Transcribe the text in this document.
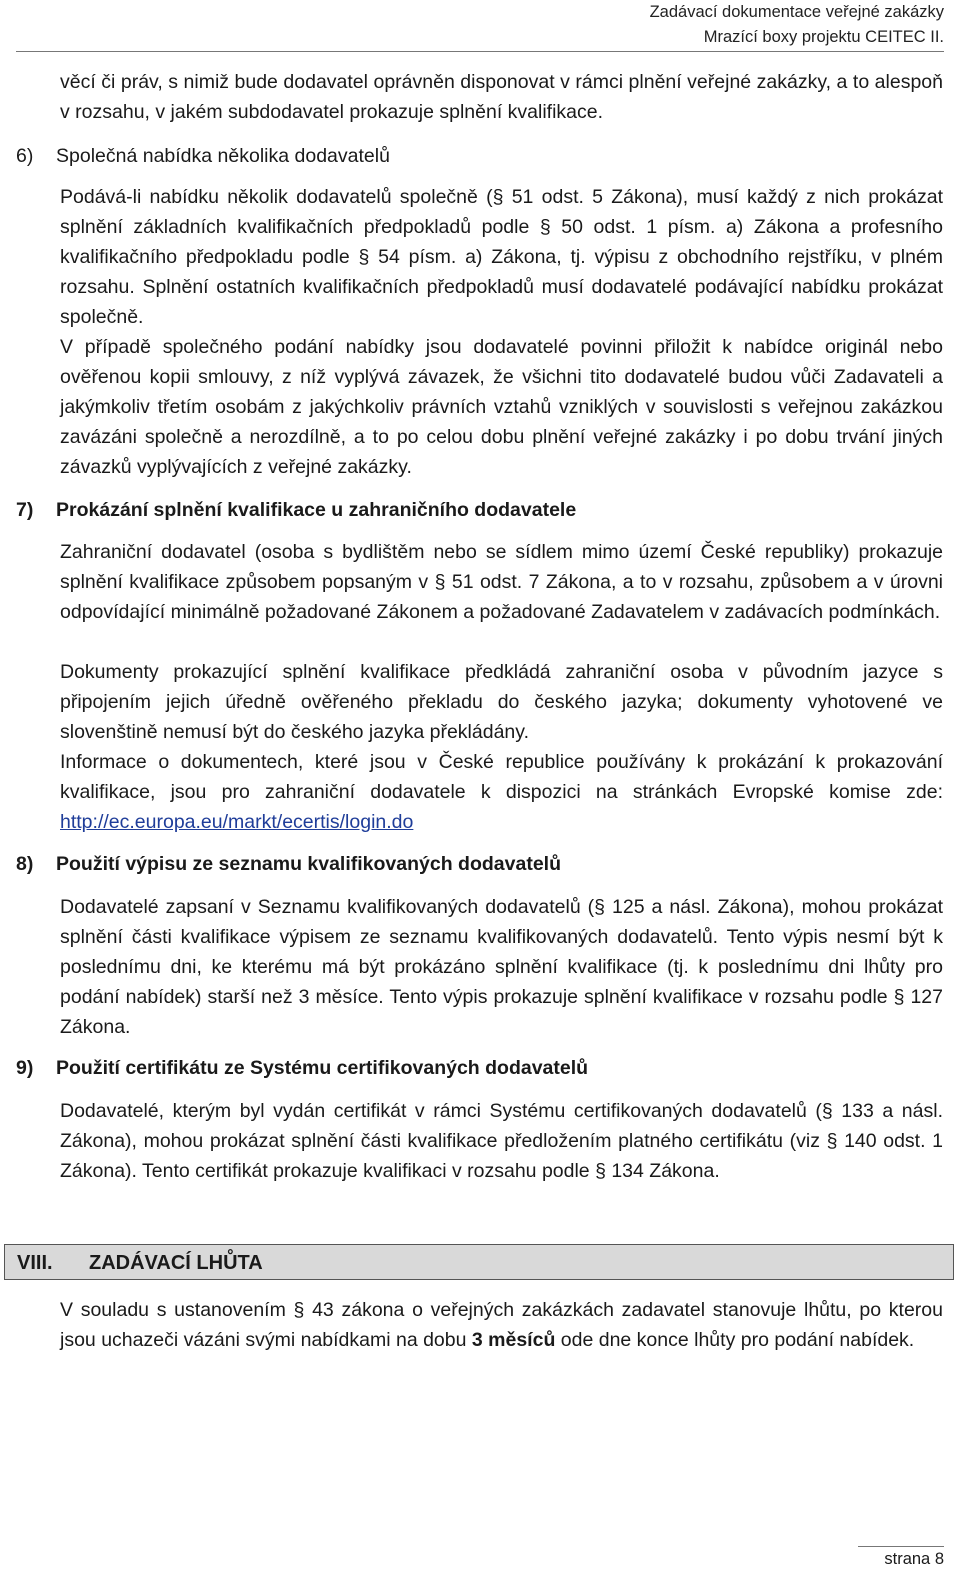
Zadávací dokumentace veřejné zakázky
Mrazící boxy projektu CEITEC II.

věcí či práv, s nimiž bude dodavatel oprávněn disponovat v rámci plnění veřejné zakázky, a to alespoň v rozsahu, v jakém subdodavatel prokazuje splnění kvalifikace.

6) Společná nabídka několika dodavatelů

Podává-li nabídku několik dodavatelů společně (§ 51 odst. 5 Zákona), musí každý z nich prokázat splnění základních kvalifikačních předpokladů podle § 50 odst. 1 písm. a) Zákona a profesního kvalifikačního předpokladu podle § 54 písm. a) Zákona, tj. výpisu z obchodního rejstříku, v plném rozsahu. Splnění ostatních kvalifikačních předpokladů musí dodavatelé podávající nabídku prokázat společně.

V případě společného podání nabídky jsou dodavatelé povinni přiložit k nabídce originál nebo ověřenou kopii smlouvy, z níž vyplývá závazek, že všichni tito dodavatelé budou vůči Zadavateli a jakýmkoliv třetím osobám z jakýchkoliv právních vztahů vzniklých v souvislosti s veřejnou zakázkou zavázáni společně a nerozdílně, a to po celou dobu plnění veřejné zakázky i po dobu trvání jiných závazků vyplývajících z veřejné zakázky.

7) Prokázání splnění kvalifikace u zahraničního dodavatele

Zahraniční dodavatel (osoba s bydlištěm nebo se sídlem mimo území České republiky) prokazuje splnění kvalifikace způsobem popsaným v § 51 odst. 7 Zákona, a to v rozsahu, způsobem a v úrovni odpovídající minimálně požadované Zákonem a požadované Zadavatelem v zadávacích podmínkách.

Dokumenty prokazující splnění kvalifikace předkládá zahraniční osoba v původním jazyce s připojením jejich úředně ověřeného překladu do českého jazyka; dokumenty vyhotovené ve slovenštině nemusí být do českého jazyka překládány.

Informace o dokumentech, které jsou v České republice používány k prokázání k prokazování kvalifikace, jsou pro zahraniční dodavatele k dispozici na stránkách Evropské komise zde: http://ec.europa.eu/markt/ecertis/login.do

8) Použití výpisu ze seznamu kvalifikovaných dodavatelů

Dodavatelé zapsaní v Seznamu kvalifikovaných dodavatelů (§ 125 a násl. Zákona), mohou prokázat splnění části kvalifikace výpisem ze seznamu kvalifikovaných dodavatelů. Tento výpis nesmí být k poslednímu dni, ke kterému má být prokázáno splnění kvalifikace (tj. k poslednímu dni lhůty pro podání nabídek) starší než 3 měsíce. Tento výpis prokazuje splnění kvalifikace v rozsahu podle § 127 Zákona.

9) Použití certifikátu ze Systému certifikovaných dodavatelů

Dodavatelé, kterým byl vydán certifikát v rámci Systému certifikovaných dodavatelů (§ 133 a násl. Zákona), mohou prokázat splnění části kvalifikace předložením platného certifikátu (viz § 140 odst. 1 Zákona). Tento certifikát prokazuje kvalifikaci v rozsahu podle § 134 Zákona.

VIII. ZADÁVACÍ LHŮTA

V souladu s ustanovením § 43 zákona o veřejných zakázkách zadavatel stanovuje lhůtu, po kterou jsou uchazeči vázáni svými nabídkami na dobu 3 měsíců ode dne konce lhůty pro podání nabídek.

strana 8
